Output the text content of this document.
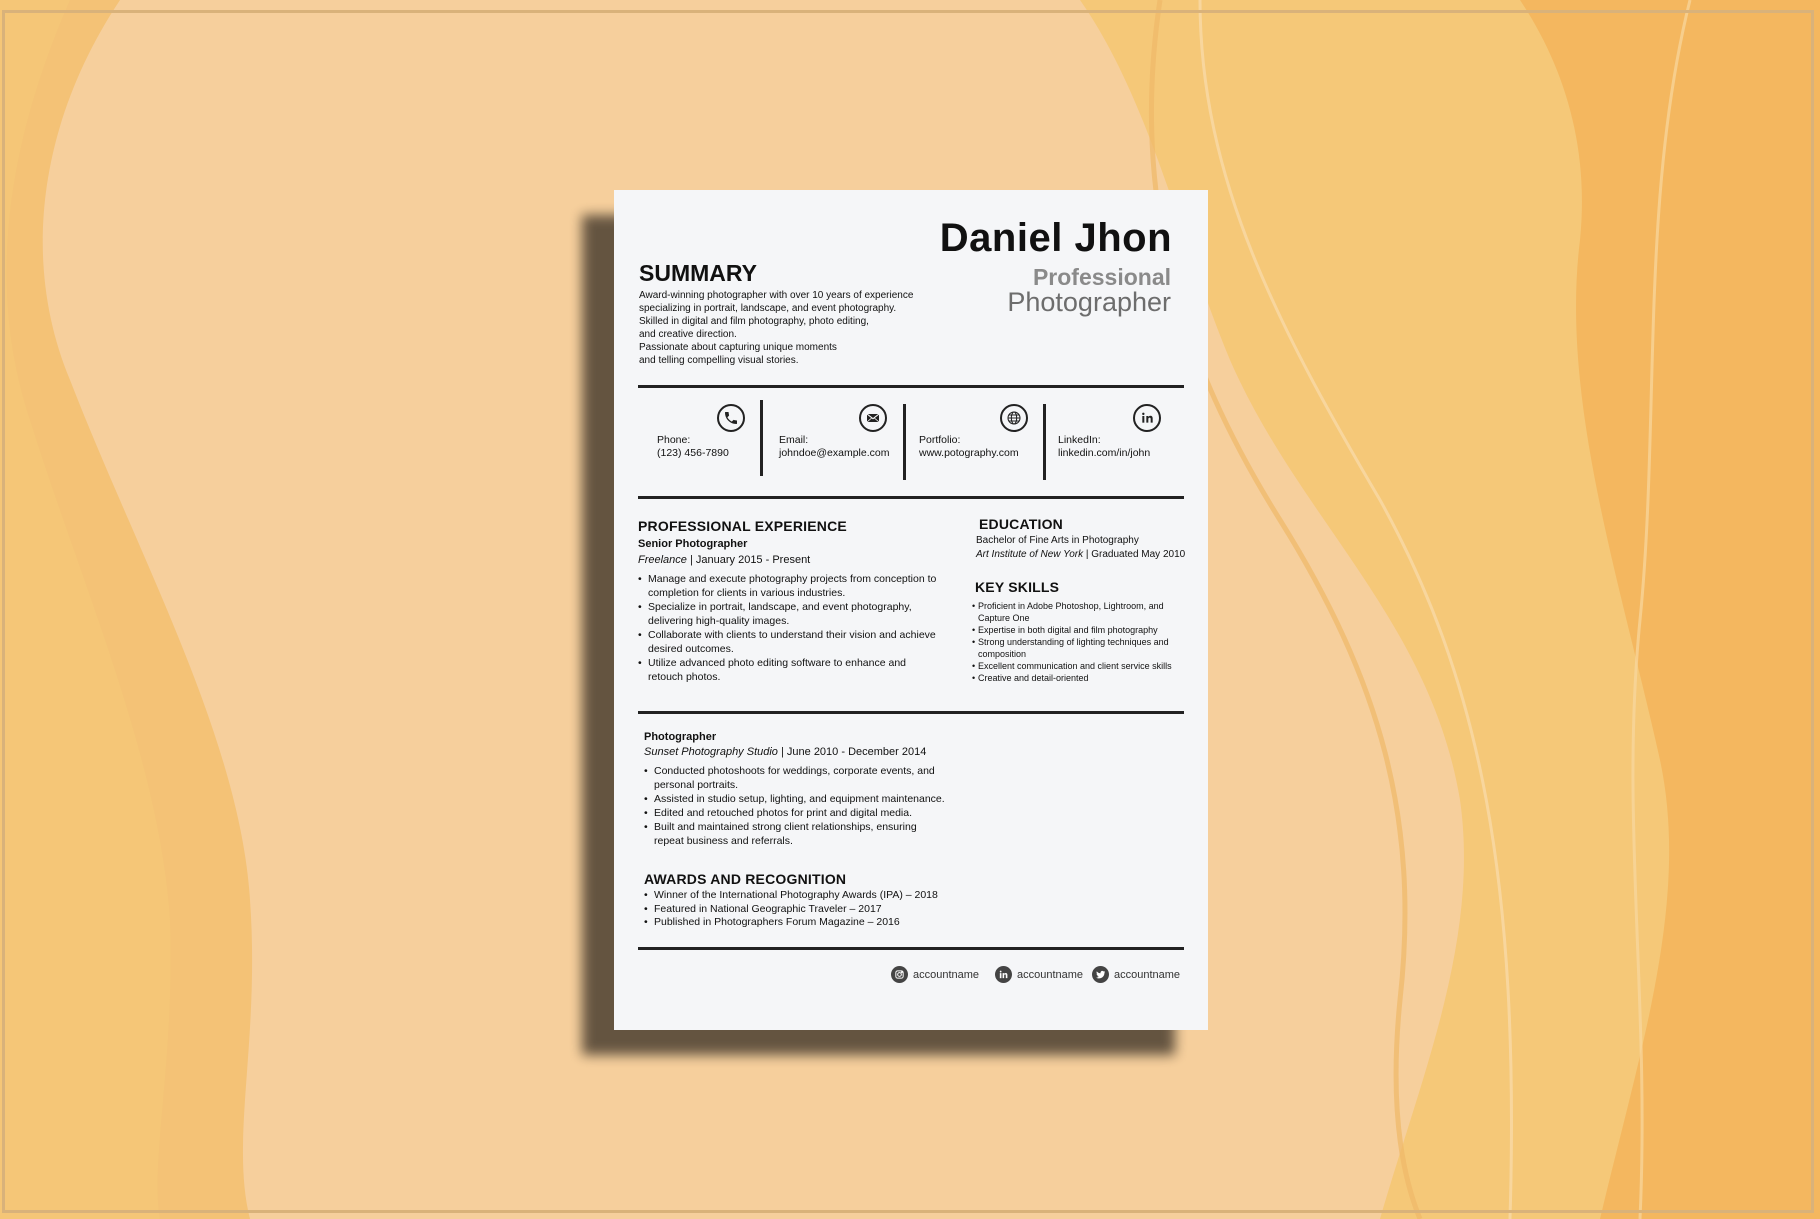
Daniel Jhon
Professional
Photographer
SUMMARY
Award-winning photographer with over 10 years of experience
specializing in portrait, landscape, and event photography.
Skilled in digital and film photography, photo editing,
and creative direction.
Passionate about capturing unique moments
and telling compelling visual stories.
Phone:
(123) 456-7890
Email:
johndoe@example.com
Portfolio:
www.potography.com
LinkedIn:
linkedin.com/in/john
PROFESSIONAL EXPERIENCE
Senior Photographer
Freelance | January 2015 - Present
• Manage and execute photography projects from conception to completion for clients in various industries.
• Specialize in portrait, landscape, and event photography, delivering high-quality images.
• Collaborate with clients to understand their vision and achieve desired outcomes.
• Utilize advanced photo editing software to enhance and retouch photos.
EDUCATION
Bachelor of Fine Arts in Photography
Art Institute of New York | Graduated May 2010
KEY SKILLS
• Proficient in Adobe Photoshop, Lightroom, and Capture One
• Expertise in both digital and film photography
• Strong understanding of lighting techniques and composition
• Excellent communication and client service skills
• Creative and detail-oriented
Photographer
Sunset Photography Studio | June 2010 - December 2014
• Conducted photoshoots for weddings, corporate events, and personal portraits.
• Assisted in studio setup, lighting, and equipment maintenance.
• Edited and retouched photos for print and digital media.
• Built and maintained strong client relationships, ensuring repeat business and referrals.
AWARDS AND RECOGNITION
• Winner of the International Photography Awards (IPA) – 2018
• Featured in National Geographic Traveler – 2017
• Published in Photographers Forum Magazine – 2016
accountname	accountname	accountname
